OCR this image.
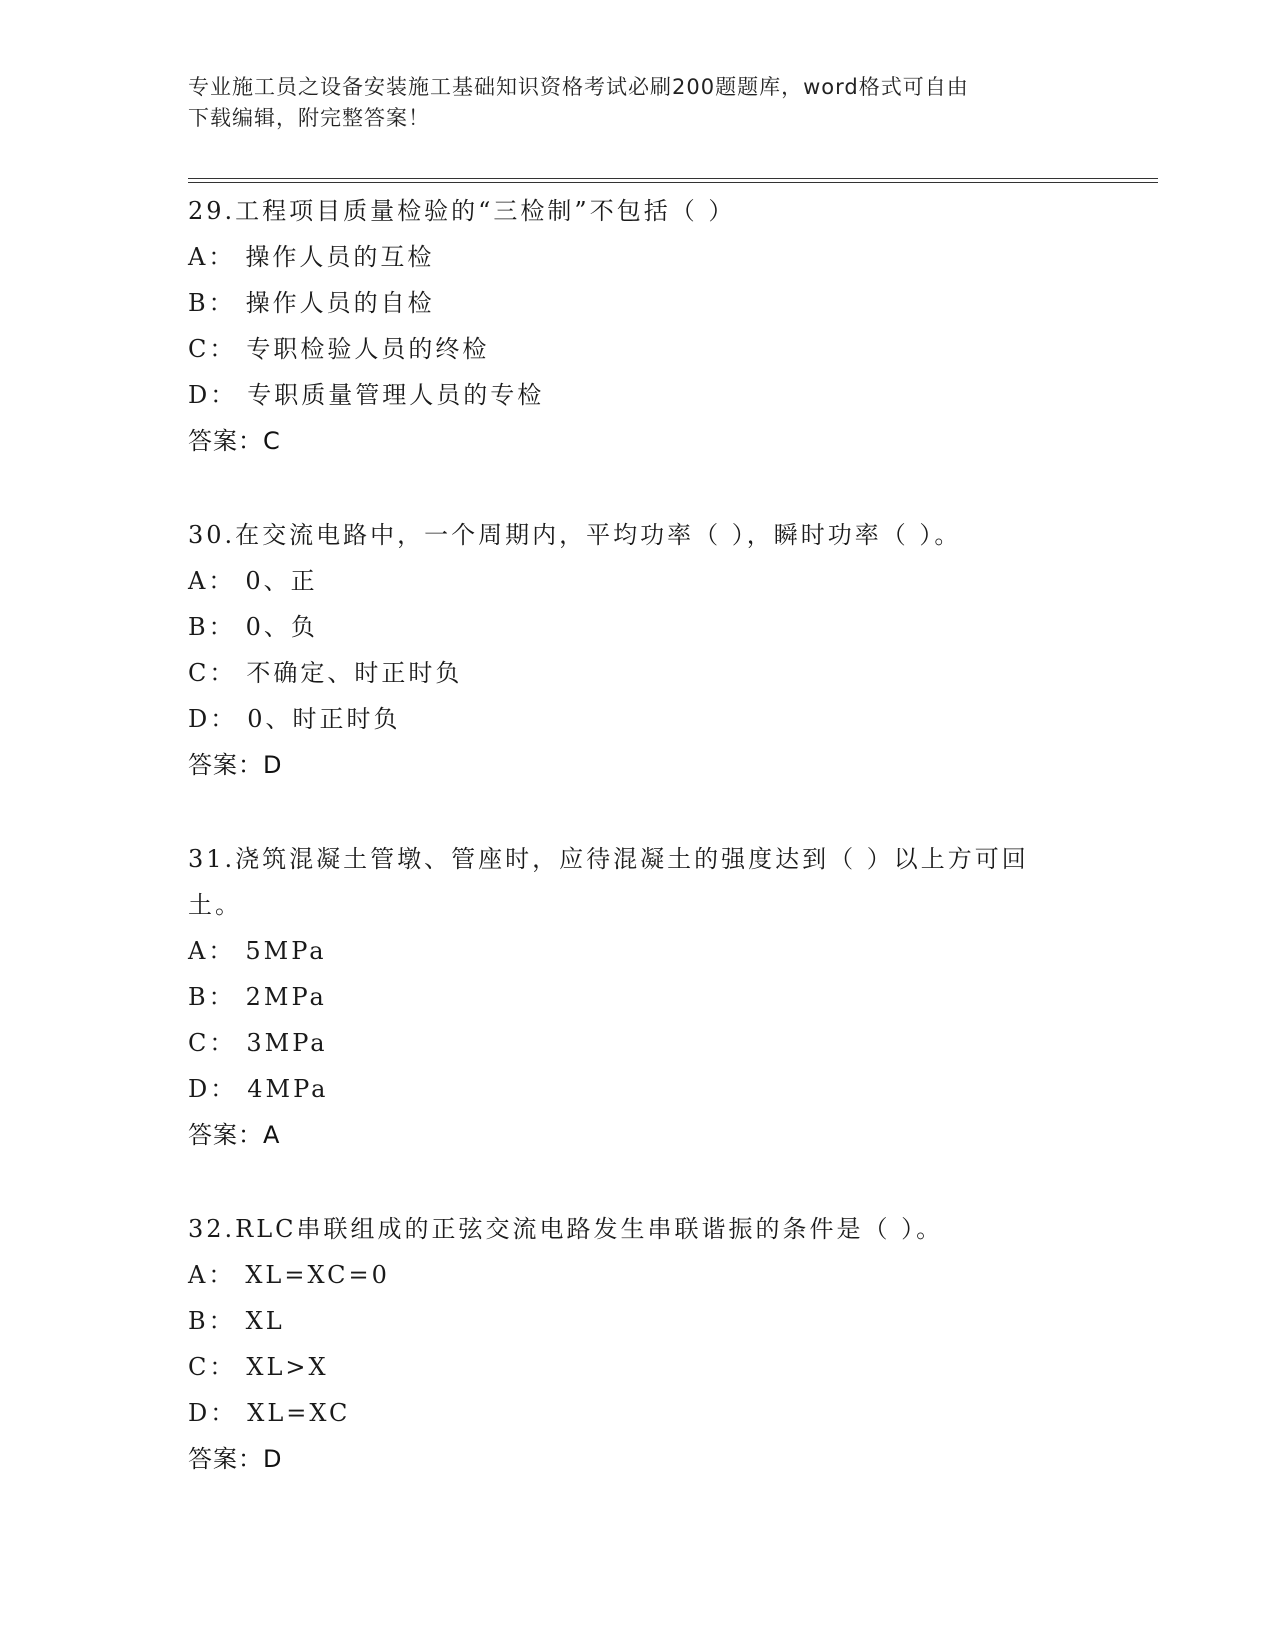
专业施工员之设备安装施工基础知识资格考试必刷200题题库，word格式可自由
下载编辑，附完整答案！
29.工程项目质量检验的“三检制”不包括（ ）
A： 操作人员的互检
B： 操作人员的自检
C： 专职检验人员的终检
D： 专职质量管理人员的专检
答案：C
30.在交流电路中，一个周期内，平均功率（ ），瞬时功率（ ）。
A： 0、正
B： 0、负
C： 不确定、时正时负
D： 0、时正时负
答案：D
31.浇筑混凝土管墩、管座时，应待混凝土的强度达到（ ）以上方可回土。
A： 5MPa
B： 2MPa
C： 3MPa
D： 4MPa
答案：A
32.RLC串联组成的正弦交流电路发生串联谐振的条件是（ ）。
A： XL=XC=0
B： XL
C： XL>X
D： XL=XC
答案：D
